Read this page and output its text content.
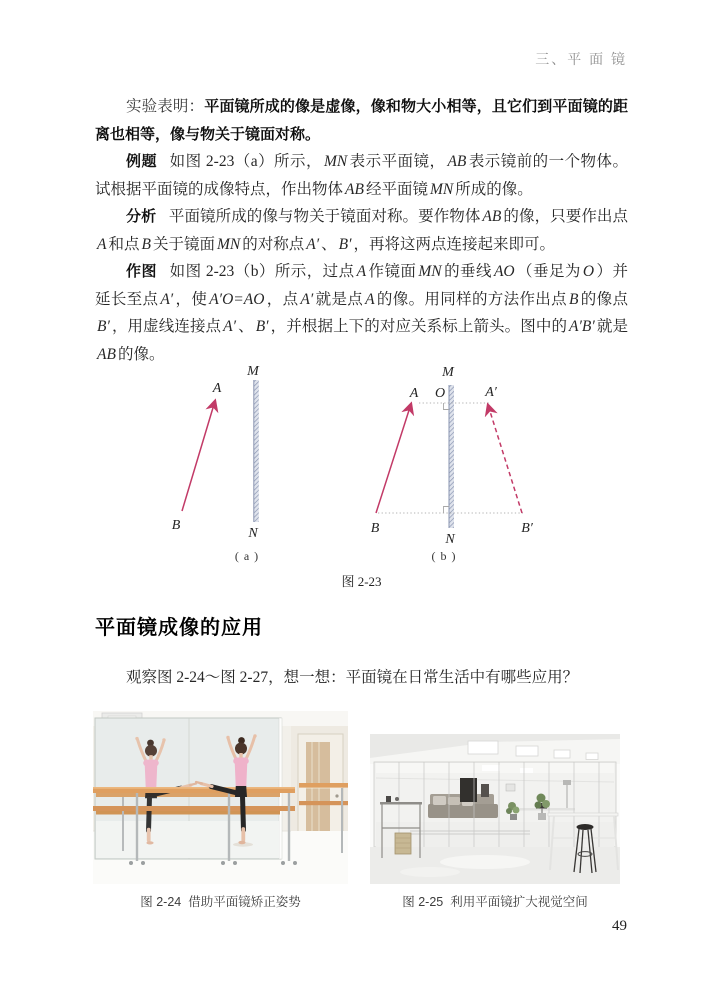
三、平 面 镜

实验表明：平面镜所成的像是虚像，像和物大小相等，且它们到平面镜的距离也相等，像与物关于镜面对称。

例题 如图 2-23（a）所示， MN 表示平面镜， AB 表示镜前的一个物体。试根据平面镜的成像特点，作出物体 AB 经平面镜 MN 所成的像。

分析 平面镜所成的像与物关于镜面对称。要作物体 AB 的像，只要作出点A 和点 B 关于镜面 MN 的对称点 A′ 、 B′ ，再将这两点连接起来即可。

作图 如图 2-23（b）所示，过点 A 作镜面 MN 的垂线 AO （垂足为 O ）并延长至点 A′ ，使 A′O=AO ，点 A′ 就是点 A 的像。用同样的方法作出点 B 的像点B′ ，用虚线连接点 A′ 、 B′ ，并根据上下的对应关系标上箭头。图中的 A′B′ 就是AB 的像。

M
N
A
B
( a )
M
N
O
A	A′
B	B′
( b )
图 2-23
平面镜成像的应用

观察图 2-24～图 2-27，想一想：平面镜在日常生活中有哪些应用？

图 2-24 借助平面镜矫正姿势	图 2-25 利用平面镜扩大视觉空间
49
